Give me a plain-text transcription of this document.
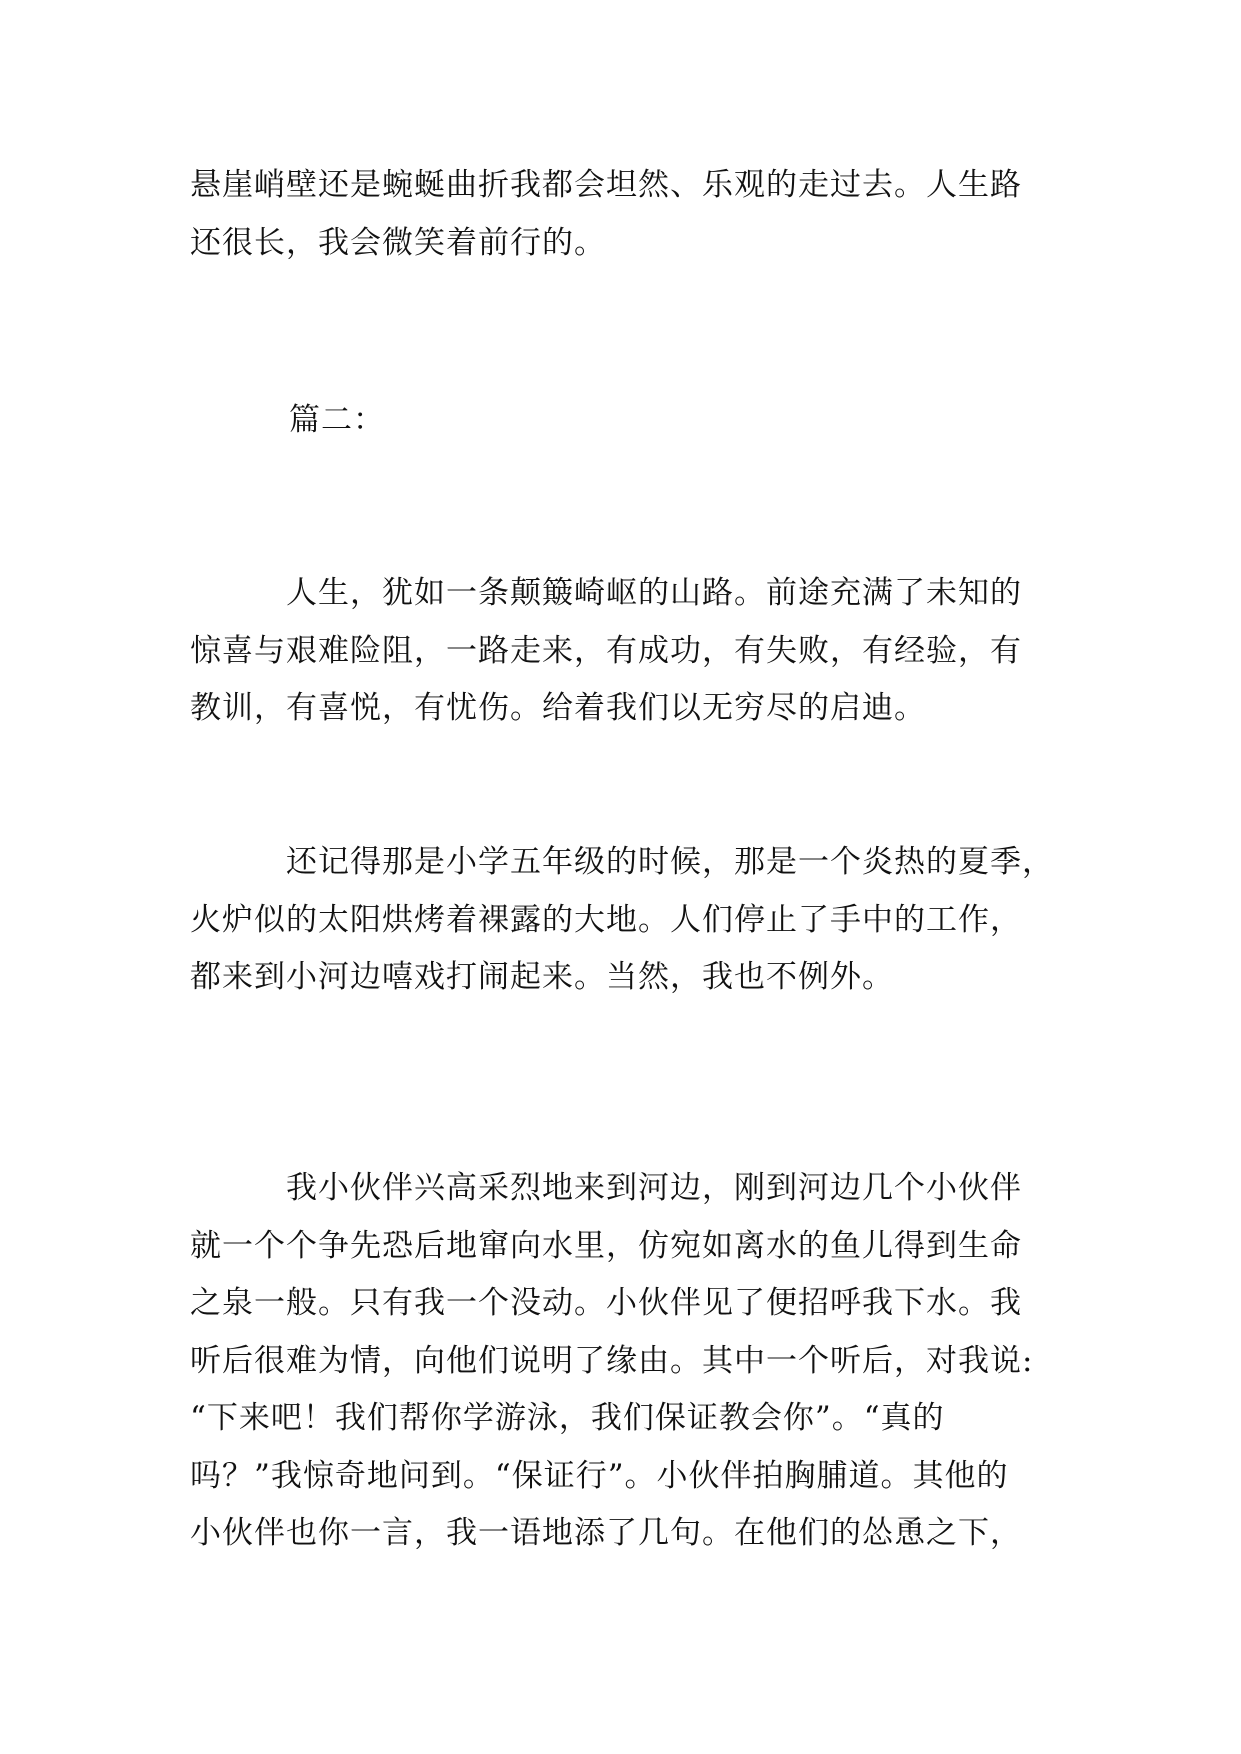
悬崖峭壁还是蜿蜒曲折我都会坦然、乐观的走过去。人生路
还很长，我会微笑着前行的。

篇二：

　　　人生，犹如一条颠簸崎岖的山路。前途充满了未知的
惊喜与艰难险阻，一路走来，有成功，有失败，有经验，有
教训，有喜悦，有忧伤。给着我们以无穷尽的启迪。

　　　还记得那是小学五年级的时候，那是一个炎热的夏季，
火炉似的太阳烘烤着裸露的大地。人们停止了手中的工作，
都来到小河边嘻戏打闹起来。当然，我也不例外。

　　　我小伙伴兴高采烈地来到河边，刚到河边几个小伙伴
就一个个争先恐后地窜向水里，仿宛如离水的鱼儿得到生命
之泉一般。只有我一个没动。小伙伴见了便招呼我下水。我
听后很难为情，向他们说明了缘由。其中一个听后，对我说:
“下来吧！我们帮你学游泳，我们保证教会你”。“真的
吗？”我惊奇地问到。“保证行”。小伙伴拍胸脯道。其他的
小伙伴也你一言，我一语地添了几句。在他们的怂恿之下，
